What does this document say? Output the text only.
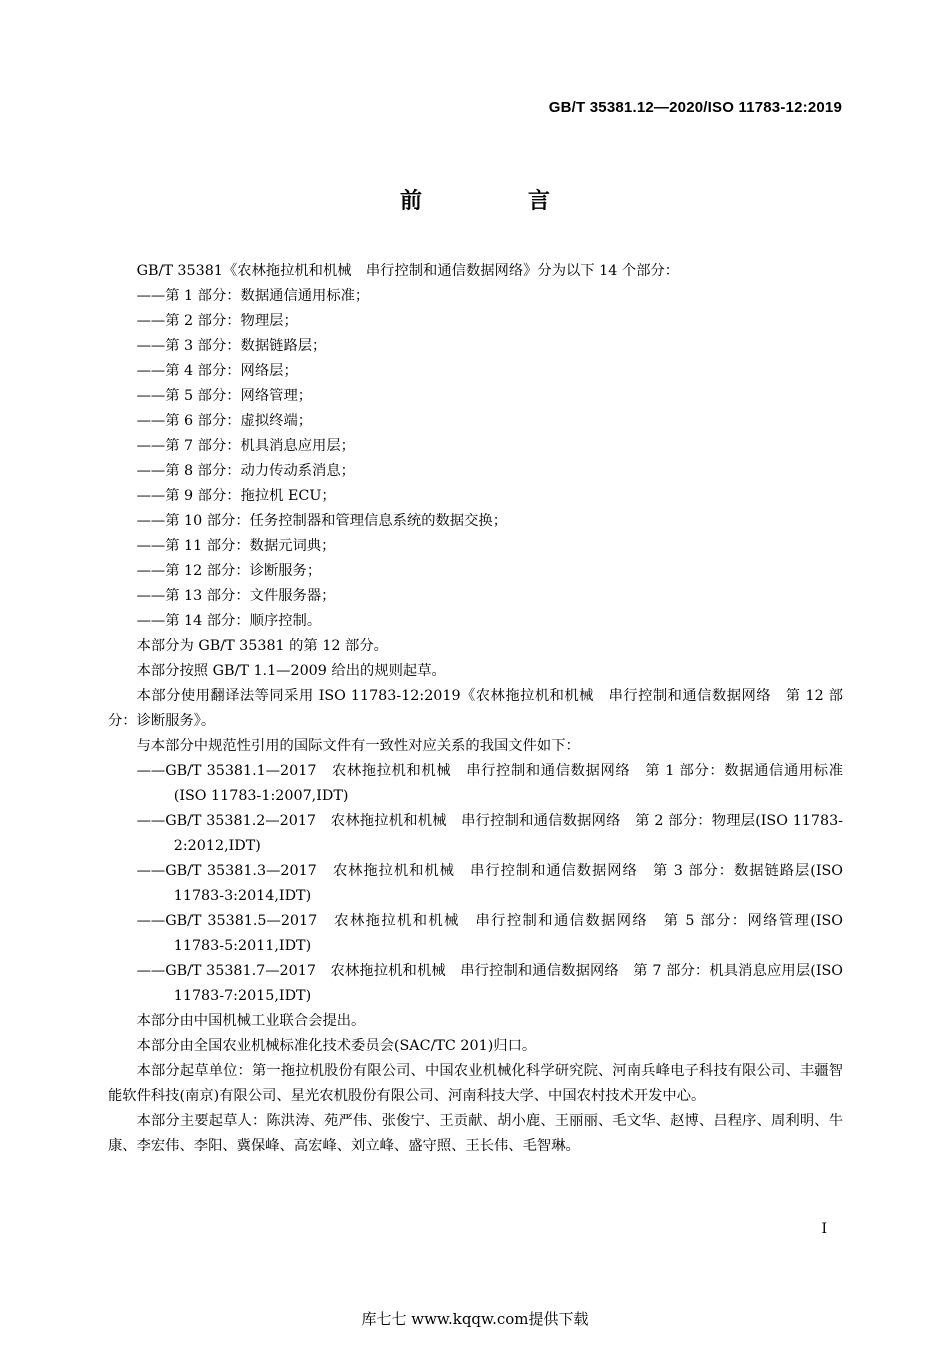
GB/T 35381.12—2020/ISO 11783-12:2019
前　言

GB/T 35381《农林拖拉机和机械　串行控制和通信数据网络》分为以下 14 个部分：

——第 1 部分：数据通信通用标准；

——第 2 部分：物理层；

——第 3 部分：数据链路层；

——第 4 部分：网络层；

——第 5 部分：网络管理；

——第 6 部分：虚拟终端；

——第 7 部分：机具消息应用层；

——第 8 部分：动力传动系消息；

——第 9 部分：拖拉机 ECU；

——第 10 部分：任务控制器和管理信息系统的数据交换；

——第 11 部分：数据元词典；

——第 12 部分：诊断服务；

——第 13 部分：文件服务器；

——第 14 部分：顺序控制。

本部分为 GB/T 35381 的第 12 部分。

本部分按照 GB/T 1.1—2009 给出的规则起草。

本部分使用翻译法等同采用 ISO 11783-12:2019《农林拖拉机和机械　串行控制和通信数据网络　第 12 部分：诊断服务》。

与本部分中规范性引用的国际文件有一致性对应关系的我国文件如下：

——GB/T 35381.1—2017　农林拖拉机和机械　串行控制和通信数据网络　第 1 部分：数据通信通用标准(ISO 11783-1:2007,IDT)

——GB/T 35381.2—2017　农林拖拉机和机械　串行控制和通信数据网络　第 2 部分：物理层(ISO 11783-2:2012,IDT)

——GB/T 35381.3—2017　农林拖拉机和机械　串行控制和通信数据网络　第 3 部分：数据链路层(ISO 11783-3:2014,IDT)

——GB/T 35381.5—2017　农林拖拉机和机械　串行控制和通信数据网络　第 5 部分：网络管理(ISO 11783-5:2011,IDT)

——GB/T 35381.7—2017　农林拖拉机和机械　串行控制和通信数据网络　第 7 部分：机具消息应用层(ISO 11783-7:2015,IDT)

本部分由中国机械工业联合会提出。

本部分由全国农业机械标准化技术委员会(SAC/TC 201)归口。

本部分起草单位：第一拖拉机股份有限公司、中国农业机械化科学研究院、河南兵峰电子科技有限公司、丰疆智能软件科技(南京)有限公司、星光农机股份有限公司、河南科技大学、中国农村技术开发中心。

本部分主要起草人：陈洪涛、苑严伟、张俊宁、王贡献、胡小鹿、王丽丽、毛文华、赵博、吕程序、周利明、牛康、李宏伟、李阳、冀保峰、高宏峰、刘立峰、盛守照、王长伟、毛智琳。

I
库七七 www.kqqw.com提供下载
